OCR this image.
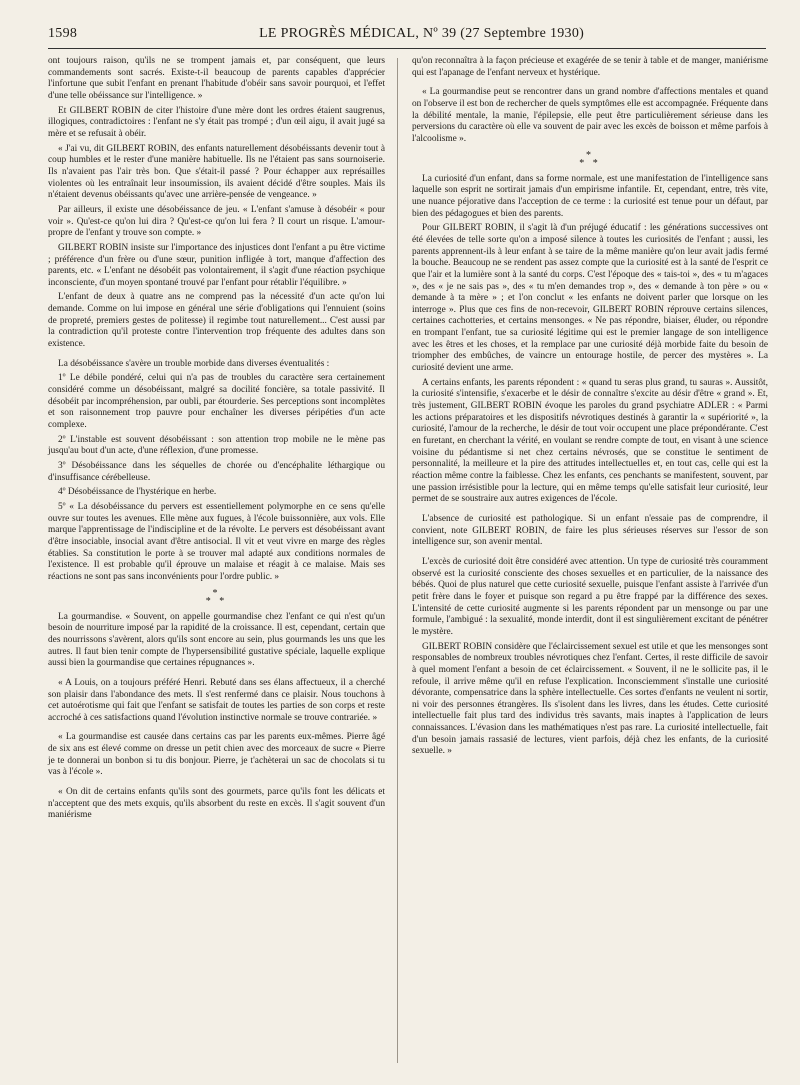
1598	LE PROGRÈS MÉDICAL, Nº 39 (27 Septembre 1930)

ont toujours raison, qu'ils ne se trompent jamais et, par conséquent, que leurs commandements sont sacrés. Existe-t-il beaucoup de parents capables d'apprécier l'infortune que subit l'enfant en prenant l'habitude d'obéir sans savoir pourquoi, et l'effet d'une telle obéissance sur l'intelligence. »

Et GILBERT ROBIN de citer l'histoire d'une mère dont les ordres étaient saugrenus, illogiques, contradictoires : l'enfant ne s'y était pas trompé ; d'un œil aigu, il avait jugé sa mère et se refusait à obéir.

« J'ai vu, dit GILBERT ROBIN, des enfants naturellement désobéissants devenir tout à coup humbles et le rester d'une manière habituelle. Ils ne l'étaient pas sans sournoiserie. Ils n'avaient pas l'air très bon. Que s'était-il passé ? Pour échapper aux représailles violentes où les entraînait leur insoumission, ils avaient décidé d'être souples. Mais ils n'étaient devenus obéissants qu'avec une arrière-pensée de vengeance. »

Par ailleurs, il existe une désobéissance de jeu. « L'enfant s'amuse à désobéir « pour voir ». Qu'est-ce qu'on lui dira ? Qu'est-ce qu'on lui fera ? Il court un risque. L'amour-propre de l'enfant y trouve son compte. »

GILBERT ROBIN insiste sur l'importance des injustices dont l'enfant a pu être victime ; préférence d'un frère ou d'une sœur, punition infligée à tort, manque d'affection des parents, etc. « L'enfant ne désobéit pas volontairement, il s'agit d'une réaction psychique inconsciente, d'un moyen spontané trouvé par l'enfant pour rétablir l'équilibre. »

L'enfant de deux à quatre ans ne comprend pas la nécessité d'un acte qu'on lui demande. Comme on lui impose en général une série d'obligations qui l'ennuient (soins de propreté, premiers gestes de politesse) il regimbe tout naturellement... C'est aussi par la contradiction qu'il proteste contre l'intervention trop fréquente des adultes dans son existence.

La désobéissance s'avère un trouble morbide dans diverses éventualités :

1º Le débile pondéré, celui qui n'a pas de troubles du caractère sera certainement considéré comme un désobéissant, malgré sa docilité foncière, sa totale passivité. Il désobéit par incompréhension, par oubli, par étourderie. Ses perceptions sont incomplètes et son raisonnement trop pauvre pour enchaîner les diverses péripéties d'un acte complexe.

2º L'instable est souvent désobéissant : son attention trop mobile ne le mène pas jusqu'au bout d'un acte, d'une réflexion, d'une promesse.

3º Désobéissance dans les séquelles de chorée ou d'encéphalite léthargique ou d'insuffisance cérébelleuse.

4º Désobéissance de l'hystérique en herbe.

5º « La désobéissance du pervers est essentiellement polymorphe en ce sens qu'elle ouvre sur toutes les avenues. Elle mène aux fugues, à l'école buissonnière, aux vols. Elle marque l'apprentissage de l'indiscipline et de la révolte. Le pervers est désobéissant avant d'être insociable, insocial avant d'être antisocial. Il vit et veut vivre en marge des règles établies. Sa constitution le porte à se trouver mal adapté aux conditions normales de l'existence. Il est probable qu'il éprouve un malaise et réagit à ce malaise. Mais ses réactions ne sont pas sans inconvénients pour l'ordre public. »

*
* *

La gourmandise. « Souvent, on appelle gourmandise chez l'enfant ce qui n'est qu'un besoin de nourriture imposé par la rapidité de la croissance. Il est, cependant, certain que des nourrissons s'avèrent, alors qu'ils sont encore au sein, plus gourmands les uns que les autres. Il faut bien tenir compte de l'hypersensibilité gustative spéciale, laquelle explique aussi bien la gourmandise que certaines répugnances ».

« A Louis, on a toujours préféré Henri. Rebuté dans ses élans affectueux, il a cherché son plaisir dans l'abondance des mets. Il s'est renfermé dans ce plaisir. Nous touchons à cet autoérotisme qui fait que l'enfant se satisfait de toutes les parties de son corps et reste accroché à ces satisfactions quand l'évolution instinctive normale se trouve contrariée. »

« La gourmandise est causée dans certains cas par les parents eux-mêmes. Pierre âgé de six ans est élevé comme on dresse un petit chien avec des morceaux de sucre « Pierre je te donnerai un bonbon si tu dis bonjour. Pierre, je t'achèterai un sac de chocolats si tu vas à l'école ».

« On dit de certains enfants qu'ils sont des gourmets, parce qu'ils font les délicats et n'acceptent que des mets exquis, qu'ils absorbent du reste en excès. Il s'agit souvent d'un maniérisme

qu'on reconnaîtra à la façon précieuse et exagérée de se tenir à table et de manger, maniérisme qui est l'apanage de l'enfant nerveux et hystérique.

« La gourmandise peut se rencontrer dans un grand nombre d'affections mentales et quand on l'observe il est bon de rechercher de quels symptômes elle est accompagnée. Fréquente dans la débilité mentale, la manie, l'épilepsie, elle peut être particulièrement sérieuse dans les perversions du caractère où elle va souvent de pair avec les excès de boisson et même parfois à l'alcoolisme ».

*
* *

La curiosité d'un enfant, dans sa forme normale, est une manifestation de l'intelligence sans laquelle son esprit ne sortirait jamais d'un empirisme infantile. Et, cependant, entre, très vite, une nuance péjorative dans l'acception de ce terme : la curiosité est tenue pour un défaut, par bien des pédagogues et bien des parents.

Pour GILBERT ROBIN, il s'agit là d'un préjugé éducatif : les générations successives ont été élevées de telle sorte qu'on a imposé silence à toutes les curiosités de l'enfant ; aussi, les parents apprennent-ils à leur enfant à se taire de la même manière qu'on leur avait jadis fermé la bouche. Beaucoup ne se rendent pas assez compte que la curiosité est à la santé de l'esprit ce que l'air et la lumière sont à la santé du corps. C'est l'époque des « tais-toi », des « tu m'agaces », des « je ne sais pas », des « tu m'en demandes trop », des « demande à ton père » ou « demande à ta mère » ; et l'on conclut « les enfants ne doivent parler que lorsque on les interroge ». Plus que ces fins de non-recevoir, GILBERT ROBIN réprouve certains silences, certaines cachotteries, et certains mensonges. « Ne pas répondre, biaiser, éluder, ou répondre en trompant l'enfant, tue sa curiosité légitime qui est le premier langage de son intelligence avec les êtres et les choses, et la remplace par une curiosité déjà morbide faite du besoin de triompher des embûches, de vaincre un entourage hostile, de percer des mystères ». La curiosité devient une arme.

A certains enfants, les parents répondent : « quand tu seras plus grand, tu sauras ». Aussitôt, la curiosité s'intensifie, s'exacerbe et le désir de connaître s'excite au désir d'être « grand ». Et, très justement, GILBERT ROBIN évoque les paroles du grand psychiatre ADLER : « Parmi les actions préparatoires et les dispositifs névrotiques destinés à garantir la « supériorité », la curiosité, l'amour de la recherche, le désir de tout voir occupent une place prépondérante. C'est en furetant, en cherchant la vérité, en voulant se rendre compte de tout, en visant à une science voisine du pédantisme si net chez certains névrosés, que se constitue le sentiment de personnalité, la meilleure et la pire des attitudes intellectuelles et, en tout cas, celle qui est la réaction même contre la faiblesse. Chez les enfants, ces penchants se manifestent, souvent, par une passion irrésistible pour la lecture, qui en même temps qu'elle satisfait leur curiosité, leur permet de se soustraire aux autres exigences de l'école.

L'absence de curiosité est pathologique. Si un enfant n'essaie pas de comprendre, il convient, note GILBERT ROBIN, de faire les plus sérieuses réserves sur l'essor de son intelligence sur, son avenir mental.

L'excès de curiosité doit être considéré avec attention. Un type de curiosité très couramment observé est la curiosité consciente des choses sexuelles et en particulier, de la naissance des bébés. Quoi de plus naturel que cette curiosité sexuelle, puisque l'enfant assiste à l'arrivée d'un petit frère dans le foyer et puisque son regard a pu être frappé par la différence des sexes. L'intensité de cette curiosité augmente si les parents répondent par un mensonge ou par une formule, l'ambigué : la sexualité, monde interdit, dont il est singulièrement excitant de pénétrer le mystère.

GILBERT ROBIN considère que l'éclaircissement sexuel est utile et que les mensonges sont responsables de nombreux troubles névrotiques chez l'enfant. Certes, il reste difficile de savoir à quel moment l'enfant a besoin de cet éclaircissement. « Souvent, il ne le sollicite pas, il le refoule, il arrive même qu'il en refuse l'explication. Inconsciemment s'installe une curiosité dévorante, compensatrice dans la sphère intellectuelle. Ces sortes d'enfants ne veulent ni sortir, ni voir des personnes étrangères. Ils s'isolent dans les livres, dans les études. Cette curiosité intellectuelle fait plus tard des individus très savants, mais inaptes à l'application de leurs connaissances. L'évasion dans les mathématiques n'est pas rare. La curiosité intellectuelle, fait d'un besoin jamais rassasié de lectures, vient parfois, déjà chez les enfants, de la curiosité sexuelle. »
